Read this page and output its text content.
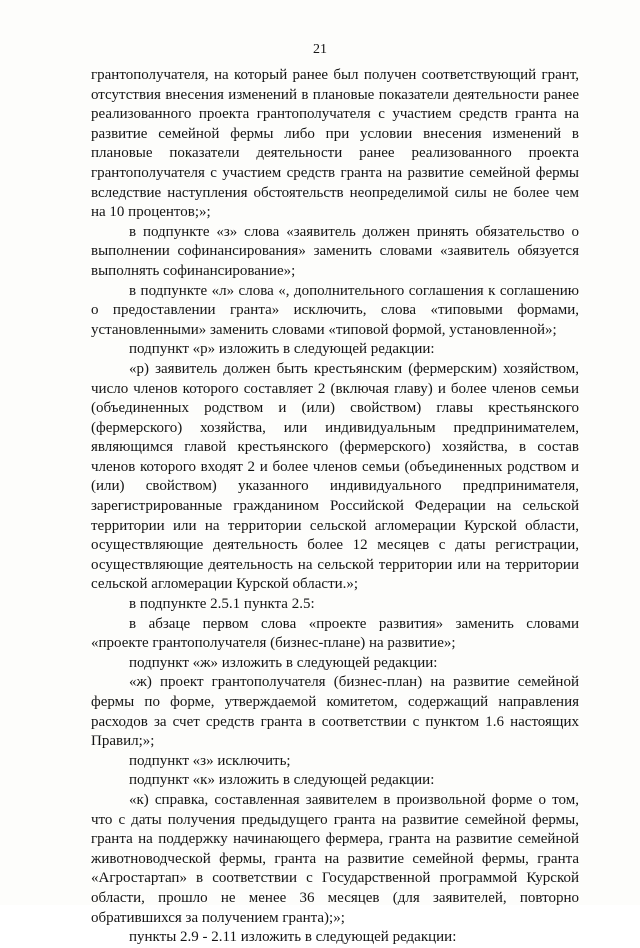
21

грантополучателя, на который ранее был получен соответствующий грант, отсутствия внесения изменений в плановые показатели деятельности ранее реализованного проекта грантополучателя с участием средств гранта на развитие семейной фермы либо при условии внесения изменений в плановые показатели деятельности ранее реализованного проекта грантополучателя с участием средств гранта на развитие семейной фермы вследствие наступления обстоятельств неопределимой силы не более чем на 10 процентов;»;

в подпункте «з» слова «заявитель должен принять обязательство о выполнении софинансирования» заменить словами «заявитель обязуется выполнять софинансирование»;

в подпункте «л» слова «, дополнительного соглашения к соглашению о предоставлении гранта» исключить, слова «типовыми формами, установленными» заменить словами «типовой формой, установленной»;

подпункт «р» изложить в следующей редакции:

«р) заявитель должен быть крестьянским (фермерским) хозяйством, число членов которого составляет 2 (включая главу) и более членов семьи (объединенных родством и (или) свойством) главы крестьянского (фермерского) хозяйства, или индивидуальным предпринимателем, являющимся главой крестьянского (фермерского) хозяйства, в состав членов которого входят 2 и более членов семьи (объединенных родством и (или) свойством) указанного индивидуального предпринимателя, зарегистрированные гражданином Российской Федерации на сельской территории или на территории сельской агломерации Курской области, осуществляющие деятельность более 12 месяцев с даты регистрации, осуществляющие деятельность на сельской территории или на территории сельской агломерации Курской области.»;

в подпункте 2.5.1 пункта 2.5:

в абзаце первом слова «проекте развития» заменить словами «проекте грантополучателя (бизнес-плане) на развитие»;

подпункт «ж» изложить в следующей редакции:

«ж) проект грантополучателя (бизнес-план) на развитие семейной фермы по форме, утверждаемой комитетом, содержащий направления расходов за счет средств гранта в соответствии с пунктом 1.6 настоящих Правил;»;

подпункт «з» исключить;

подпункт «к» изложить в следующей редакции:

«к) справка, составленная заявителем в произвольной форме о том, что с даты получения предыдущего гранта на развитие семейной фермы, гранта на поддержку начинающего фермера, гранта на развитие семейной животноводческой фермы, гранта на развитие семейной фермы, гранта «Агростартап» в соответствии с Государственной программой Курской области, прошло не менее 36 месяцев (для заявителей, повторно обратившихся за получением гранта);»;

пункты 2.9 - 2.11 изложить в следующей редакции:
